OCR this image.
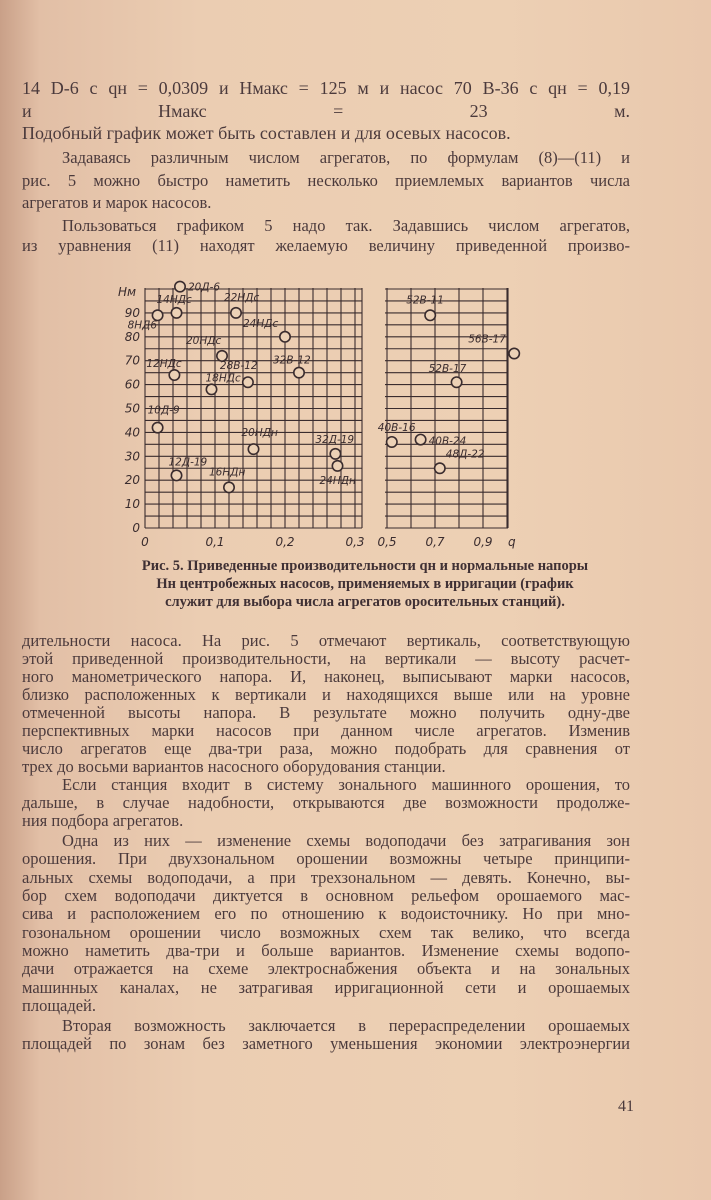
14 D-6 с qн = 0,0309 и Hмакс = 125 м и насос 70 В-36 с qн = 0,19
и Hмакс = 23 м.
Подобный график может быть составлен и для осевых насосов.
Задаваясь различным числом агрегатов, по формулам (8)—(11) и
рис. 5 можно быстро наметить несколько приемлемых вариантов числа
агрегатов и марок насосов.
Пользоваться графиком 5 надо так. Задавшись числом агрегатов,
из уравнения (11) находят желаемую величину приведенной произво-
дительности насоса. На рис. 5 отмечают вертикаль, соответствующую
этой приведенной производительности, на вертикали — высоту расчет-
ного манометрического напора. И, наконец, выписывают марки насосов,
близко расположенных к вертикали и находящихся выше или на уровне
отмеченной высоты напора. В результате можно получить одну-две
перспективных марки насосов при данном числе агрегатов. Изменив
число агрегатов еще два-три раза, можно подобрать для сравнения от
трех до восьми вариантов насосного оборудования станции.
Если станция входит в систему зонального машинного орошения, то
дальше, в случае надобности, открываются две возможности продолже-
ния подбора агрегатов.
Одна из них — изменение схемы водоподачи без затрагивания зон
орошения. При двухзональном орошении возможны четыре принципи-
альных схемы водоподачи, а при трехзональном — девять. Конечно, вы-
бор схем водоподачи диктуется в основном рельефом орошаемого мас-
сива и расположением его по отношению к водоисточнику. Но при мно-
гозональном орошении число возможных схем так велико, что всегда
можно наметить два-три и больше вариантов. Изменение схемы водопо-
дачи отражается на схеме электроснабжения объекта и на зональных
машинных каналах, не затрагивая ирригационной сети и орошаемых
площадей.
Вторая возможность заключается в перераспределении орошаемых
площадей по зонам без заметного уменьшения экономии электроэнергии
0	0,1	0,2	0,3 0,5 0,7 0,9 q
0
10
20
30
40
50
60
70
80
90
Hм
8НД6
14НДс
20Д-6
22НДс
24НДс
20НДс
12НДс
18НДс
28В-12 32В-12
10Д-9
12Д-19
20НДн
16НДн
32Д-19
24НДн
52В-11
56В-17
52В-17
40В-16
40В-24
48Д-22
Рис. 5. Приведенные производительности qн и нормальные напоры
Hн центробежных насосов, применяемых в ирригации (график
служит для выбора числа агрегатов оросительных станций).
41
